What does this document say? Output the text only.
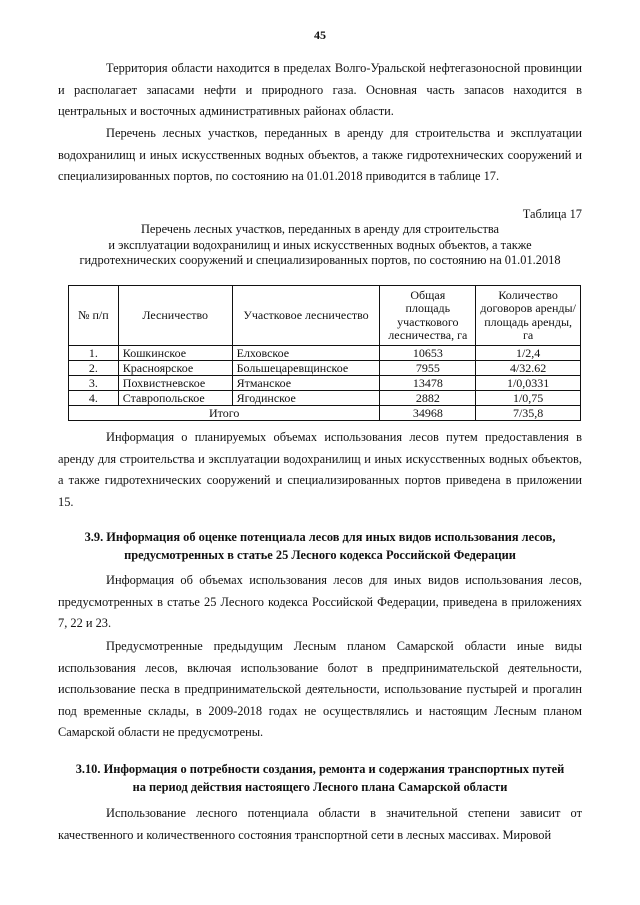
45

Территория области находится в пределах Волго-Уральской нефтегазоносной провинции и располагает запасами нефти и природного газа. Основная часть запасов находится в центральных и восточных административных районах области.

Перечень лесных участков, переданных в аренду для строительства и эксплуатации водохранилищ и иных искусственных водных объектов, а также гидротехнических сооружений и специализированных портов, по состоянию на 01.01.2018 приводится в таблице 17.

Таблица 17

Перечень лесных участков, переданных в аренду для строительства
и эксплуатации водохранилищ и иных искусственных водных объектов, а также
гидротехнических сооружений и специализированных портов, по состоянию на 01.01.2018

№ п/п	Лесничество	Участковое лесничество	Общая
площадь
участкового
лесничества, га	Количество
договоров аренды/
площадь аренды,
га
1.	Кошкинское	Елховское	10653	1/2,4
2.	Красноярское	Большецаревщинское	7955	4/32.62
3.	Похвистневское	Ятманское	13478	1/0,0331
4.	Ставропольское	Ягодинское	2882	1/0,75
Итого			34968	7/35,8

Информация о планируемых объемах использования лесов путем предоставления в аренду для строительства и эксплуатации водохранилищ и иных искусственных водных объектов, а также гидротехнических сооружений и специализированных портов приведена в приложении 15.

3.9. Информация об оценке потенциала лесов для иных видов использования лесов,
предусмотренных в статье 25 Лесного кодекса Российской Федерации

Информация об объемах использования лесов для иных видов использования лесов, предусмотренных в статье 25 Лесного кодекса Российской Федерации, приведена в приложениях 7, 22 и 23.

Предусмотренные предыдущим Лесным планом Самарской области иные виды использования лесов, включая использование болот в предпринимательской деятельности, использование песка в предпринимательской деятельности, использование пустырей и прогалин под временные склады, в 2009-2018 годах не осуществлялись и настоящим Лесным планом Самарской области не предусмотрены.

3.10. Информация о потребности создания, ремонта и содержания транспортных путей
на период действия настоящего Лесного плана Самарской области

Использование лесного потенциала области в значительной степени зависит от качественного и количественного состояния транспортной сети в лесных массивах. Мировой
